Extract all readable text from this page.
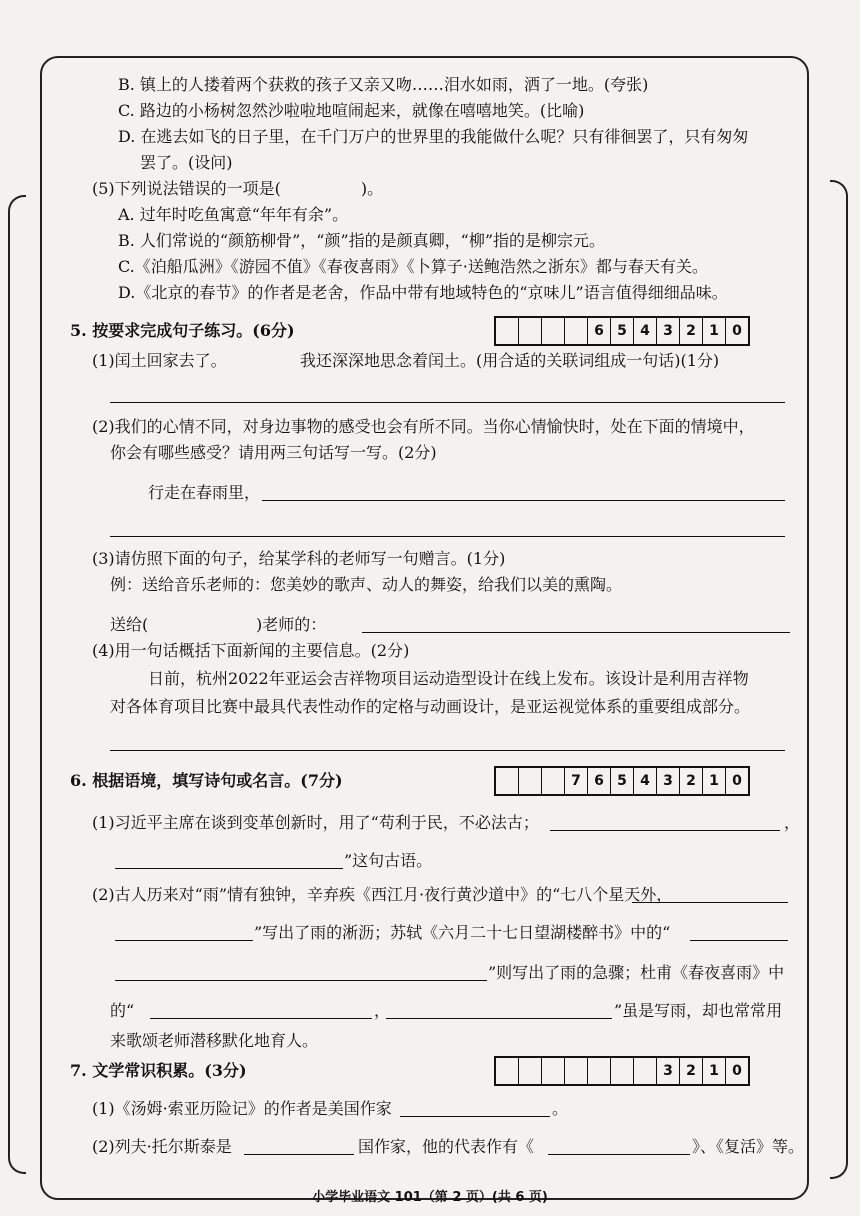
B. 镇上的人搂着两个获救的孩子又亲又吻……泪水如雨，洒了一地。(夸张)
C. 路边的小杨树忽然沙啦啦地喧闹起来，就像在嘻嘻地笑。(比喻)
D. 在逃去如飞的日子里，在千门万户的世界里的我能做什么呢？只有徘徊罢了，只有匆匆
罢了。(设问)
(5)下列说法错误的一项是(　　　　　)。
A. 过年时吃鱼寓意“年年有余”。
B. 人们常说的“颜筋柳骨”，“颜”指的是颜真卿，“柳”指的是柳宗元。
C.《泊船瓜洲》《游园不值》《春夜喜雨》《卜算子·送鲍浩然之浙东》都与春天有关。
D.《北京的春节》的作者是老舍，作品中带有地域特色的“京味儿”语言值得细细品味。
5. 按要求完成句子练习。(6分)	6 5 4 3 2 1 0
(1)闰土回家去了。	我还深深地思念着闰土。(用合适的关联词组成一句话)(1分)
(2)我们的心情不同，对身边事物的感受也会有所不同。当你心情愉快时，处在下面的情境中，
你会有哪些感受？请用两三句话写一写。(2分)
行走在春雨里，
(3)请仿照下面的句子，给某学科的老师写一句赠言。(1分)
例：送给音乐老师的：您美妙的歌声、动人的舞姿，给我们以美的熏陶。
送给(	)老师的：
(4)用一句话概括下面新闻的主要信息。(2分)
日前，杭州2022年亚运会吉祥物项目运动造型设计在线上发布。该设计是利用吉祥物
对各体育项目比赛中最具代表性动作的定格与动画设计，是亚运视觉体系的重要组成部分。
6. 根据语境，填写诗句或名言。(7分)	7 6 5 4 3 2 1 0
(1)习近平主席在谈到变革创新时，用了“苟利于民，不必法古；	，
”这句古语。
(2)古人历来对“雨”情有独钟，辛弃疾《西江月·夜行黄沙道中》的“七八个星天外，
”写出了雨的淅沥；苏轼《六月二十七日望湖楼醉书》中的“
”则写出了雨的急骤；杜甫《春夜喜雨》中
的“	，	”虽是写雨，却也常常用
来歌颂老师潜移默化地育人。
7. 文学常识积累。(3分)	3 2 1 0
(1)《汤姆·索亚历险记》的作者是美国作家	。
(2)列夫·托尔斯泰是	国作家，他的代表作有《	》、《复活》等。
小学毕业语文 101（第 2 页）(共 6 页)
